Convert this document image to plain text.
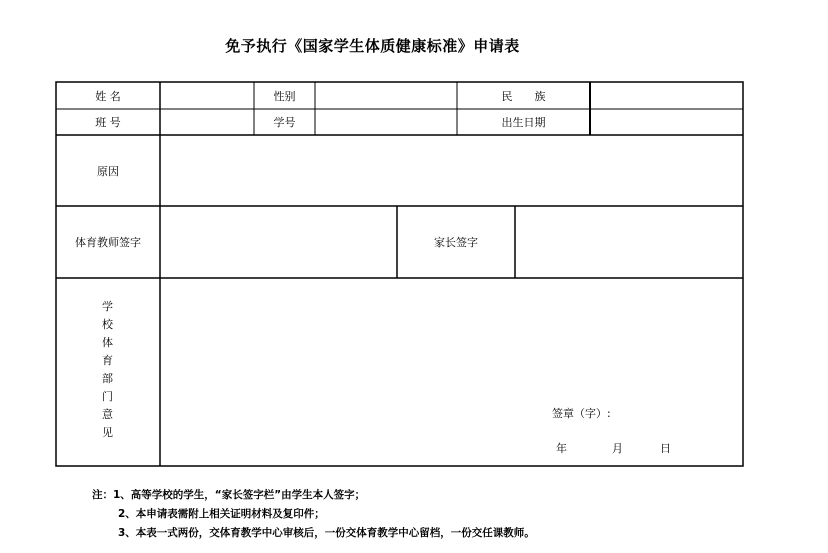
免予执行《国家学生体质健康标准》申请表
姓 名	性别	民　　族
班 号	学号	出生日期
原因
体育教师签字	家长签字
学
校
体
育
部
门
意
见
签章（字）:
年	月	日
注：1、高等学校的学生，“家长签字栏”由学生本人签字；
2、本申请表需附上相关证明材料及复印件；
3、本表一式两份，交体育教学中心审核后，一份交体育教学中心留档，一份交任课教师。
